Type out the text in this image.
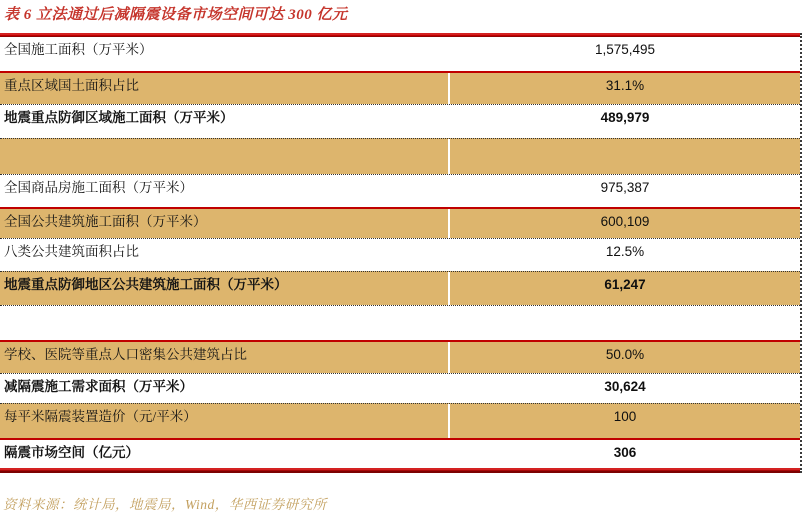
表 6 立法通过后减隔震设备市场空间可达 300 亿元
全国施工面积（万平米）	1,575,495
重点区域国土面积占比	31.1%
地震重点防御区域施工面积（万平米）	489,979
全国商品房施工面积（万平米）	975,387
全国公共建筑施工面积（万平米）	600,109
八类公共建筑面积占比	12.5%
地震重点防御地区公共建筑施工面积（万平米）	61,247
学校、医院等重点人口密集公共建筑占比	50.0%
减隔震施工需求面积（万平米）	30,624
每平米隔震装置造价（元/平米）	100
隔震市场空间（亿元）	306
资料来源：统计局，地震局，Wind，华西证券研究所
